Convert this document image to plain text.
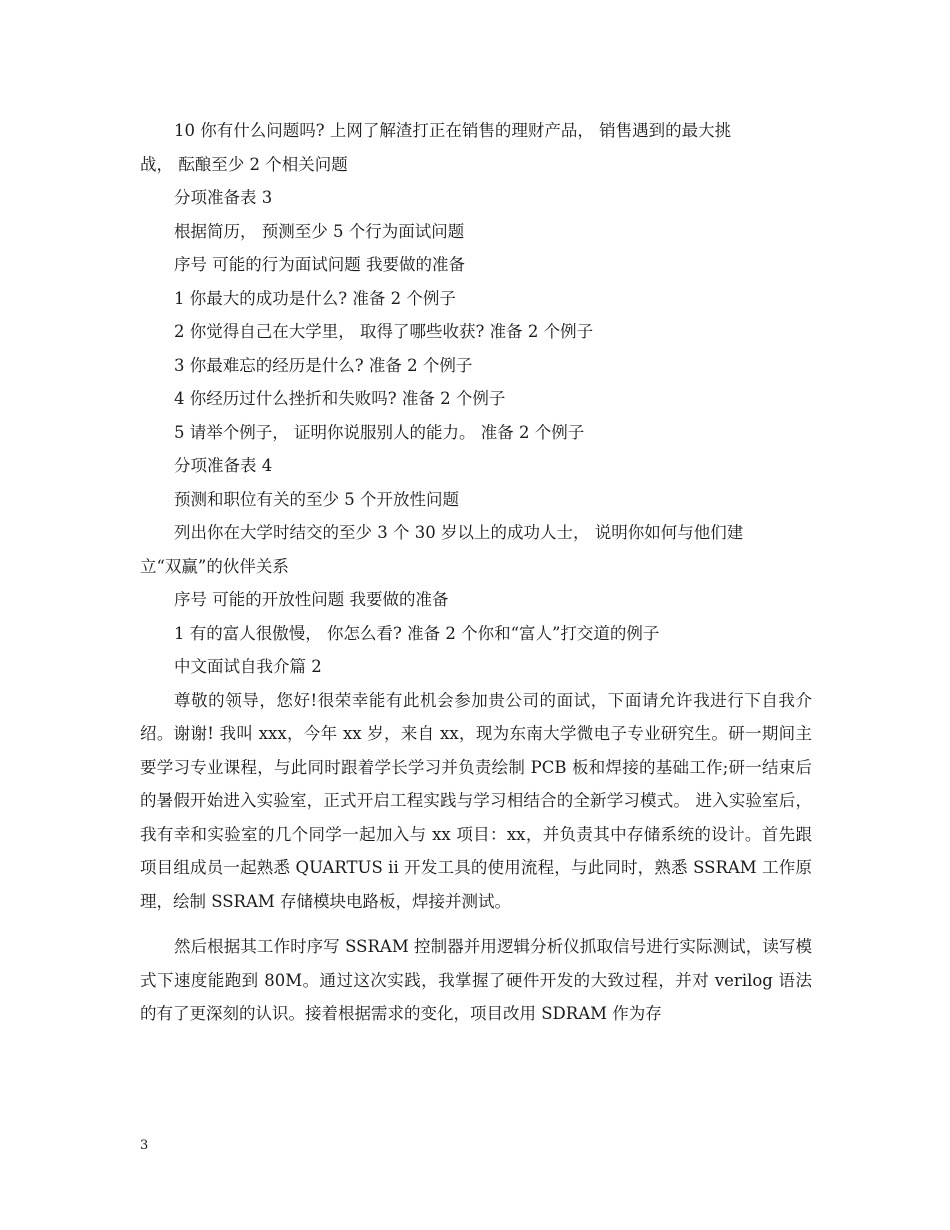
10 你有什么问题吗? 上网了解渣打正在销售的理财产品， 销售遇到的最大挑

战， 酝酿至少 2 个相关问题

分项准备表 3

根据简历， 预测至少 5 个行为面试问题

序号 可能的行为面试问题 我要做的准备

1 你最大的成功是什么? 准备 2 个例子

2 你觉得自己在大学里， 取得了哪些收获? 准备 2 个例子

3 你最难忘的经历是什么? 准备 2 个例子

4 你经历过什么挫折和失败吗? 准备 2 个例子

5 请举个例子， 证明你说服别人的能力。 准备 2 个例子

分项准备表 4

预测和职位有关的至少 5 个开放性问题

列出你在大学时结交的至少 3 个 30 岁以上的成功人士， 说明你如何与他们建

立“双赢”的伙伴关系

序号 可能的开放性问题 我要做的准备

1 有的富人很傲慢， 你怎么看? 准备 2 个你和“富人”打交道的例子

中文面试自我介篇 2

尊敬的领导，您好!很荣幸能有此机会参加贵公司的面试，下面请允许我进行下自我介绍。谢谢! 我叫 xxx，今年 xx 岁，来自 xx，现为东南大学微电子专业研究生。研一期间主要学习专业课程，与此同时跟着学长学习并负责绘制 PCB 板和焊接的基础工作;研一结束后的暑假开始进入实验室，正式开启工程实践与学习相结合的全新学习模式。 进入实验室后，我有幸和实验室的几个同学一起加入与 xx 项目：xx，并负责其中存储系统的设计。首先跟项目组成员一起熟悉 QUARTUS ii 开发工具的使用流程，与此同时，熟悉 SSRAM 工作原理，绘制 SSRAM 存储模块电路板，焊接并测试。

然后根据其工作时序写 SSRAM 控制器并用逻辑分析仪抓取信号进行实际测试，读写模式下速度能跑到 80M。通过这次实践，我掌握了硬件开发的大致过程，并对 verilog 语法的有了更深刻的认识。接着根据需求的变化，项目改用 SDRAM 作为存

3
